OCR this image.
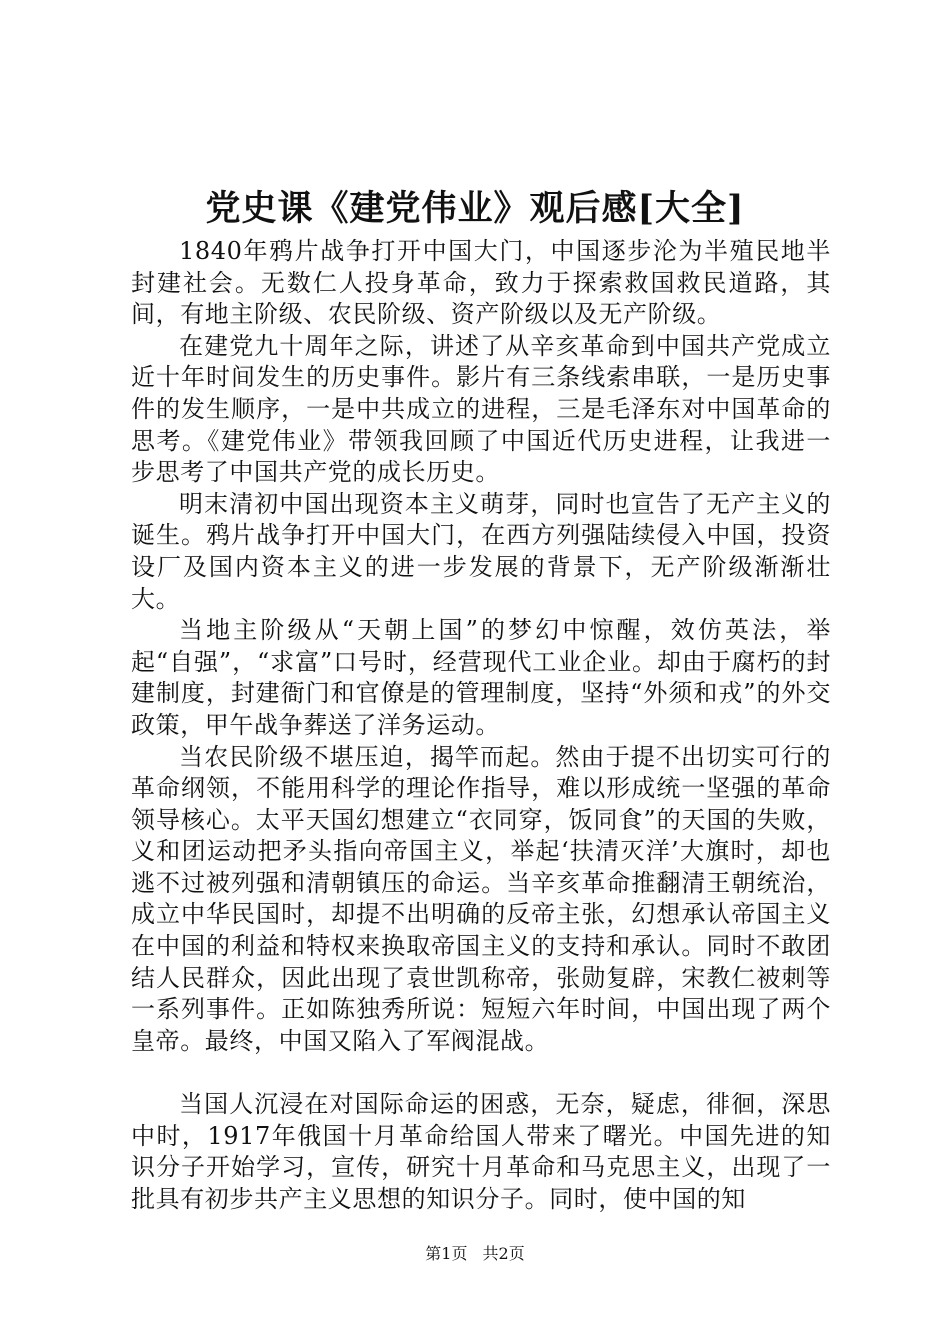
党史课《建党伟业》观后感[大全]

1840年鸦片战争打开中国大门，中国逐步沦为半殖民地半封建社会。无数仁人投身革命，致力于探索救国救民道路，其间，有地主阶级、农民阶级、资产阶级以及无产阶级。

在建党九十周年之际，讲述了从辛亥革命到中国共产党成立近十年时间发生的历史事件。影片有三条线索串联，一是历史事件的发生顺序，一是中共成立的进程，三是毛泽东对中国革命的思考。《建党伟业》带领我回顾了中国近代历史进程，让我进一步思考了中国共产党的成长历史。

明末清初中国出现资本主义萌芽，同时也宣告了无产主义的诞生。鸦片战争打开中国大门，在西方列强陆续侵入中国，投资设厂及国内资本主义的进一步发展的背景下，无产阶级渐渐壮大。

当地主阶级从“天朝上国”的梦幻中惊醒，效仿英法，举起“自强”，“求富”口号时，经营现代工业企业。却由于腐朽的封建制度，封建衙门和官僚是的管理制度，坚持“外须和戎”的外交政策，甲午战争葬送了洋务运动。

当农民阶级不堪压迫，揭竿而起。然由于提不出切实可行的革命纲领，不能用科学的理论作指导，难以形成统一坚强的革命领导核心。太平天国幻想建立“衣同穿，饭同食”的天国的失败，义和团运动把矛头指向帝国主义，举起‘扶清灭洋’大旗时，却也逃不过被列强和清朝镇压的命运。当辛亥革命推翻清王朝统治，成立中华民国时，却提不出明确的反帝主张，幻想承认帝国主义在中国的利益和特权来换取帝国主义的支持和承认。同时不敢团结人民群众，因此出现了袁世凯称帝，张勋复辟，宋教仁被刺等一系列事件。正如陈独秀所说：短短六年时间，中国出现了两个皇帝。最终，中国又陷入了军阀混战。

当国人沉浸在对国际命运的困惑，无奈，疑虑，徘徊，深思中时，1917年俄国十月革命给国人带来了曙光。中国先进的知识分子开始学习，宣传，研究十月革命和马克思主义，出现了一批具有初步共产主义思想的知识分子。同时，使中国的知

第1页 共2页
